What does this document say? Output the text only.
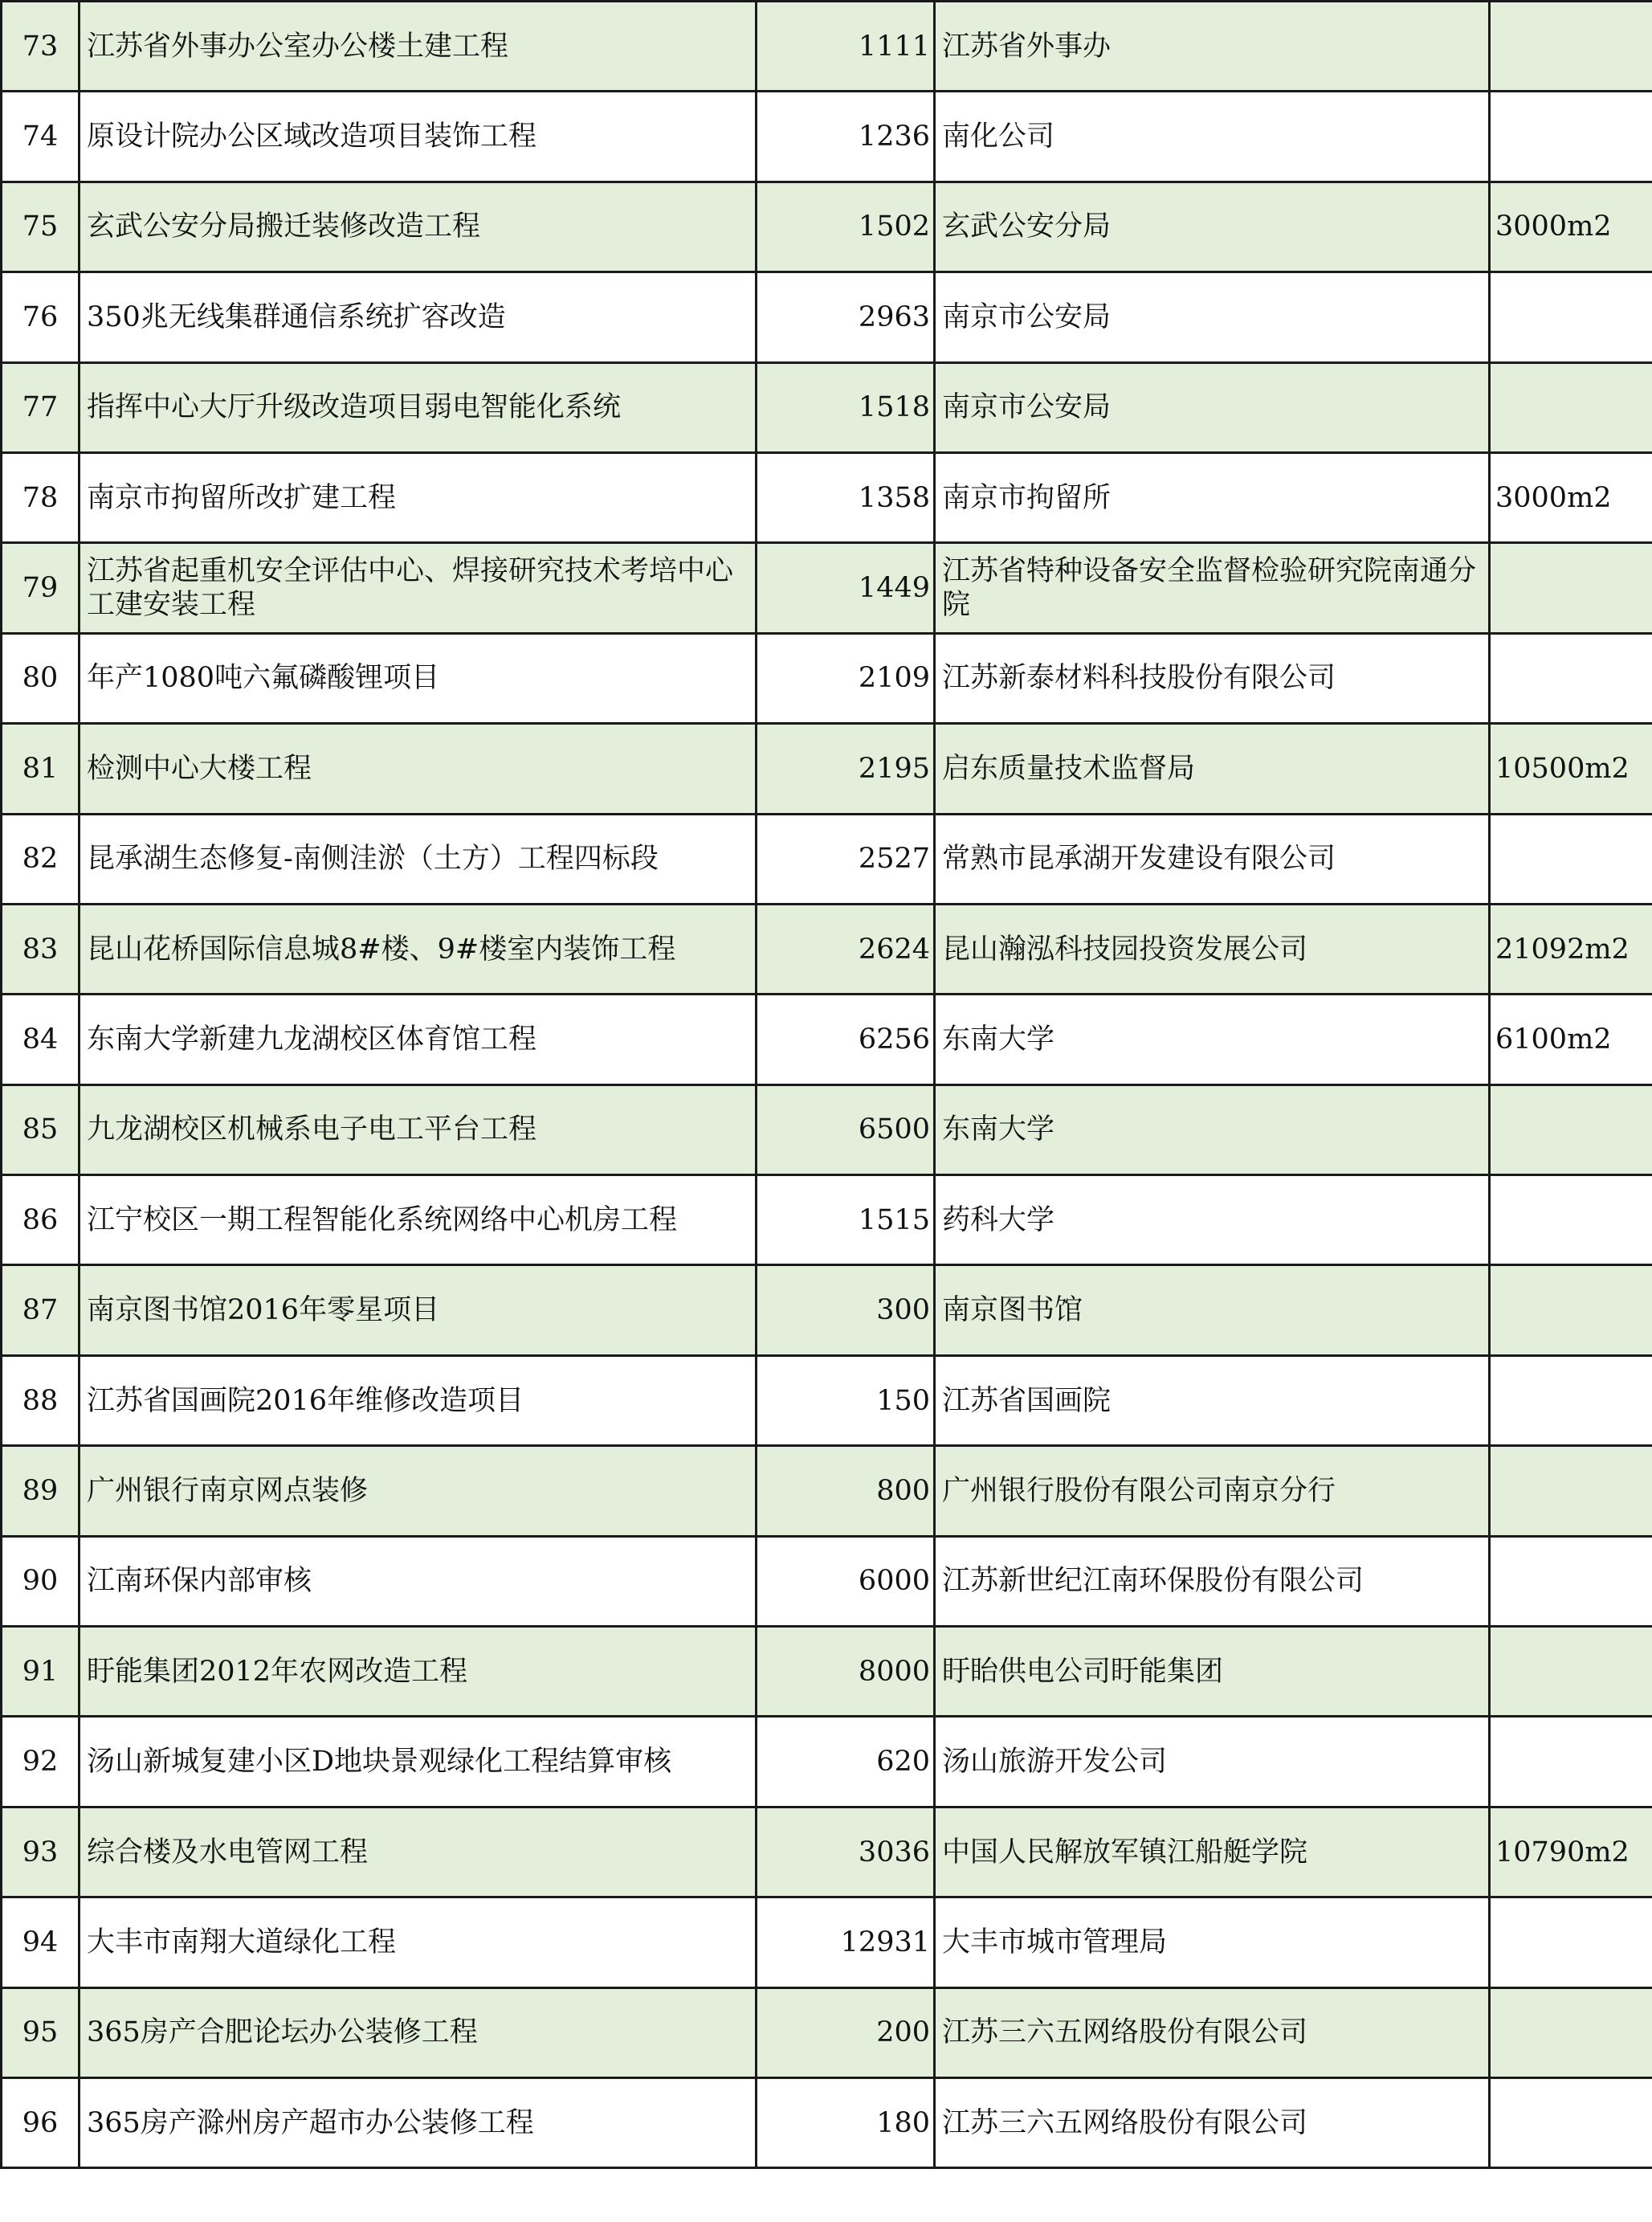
73	江苏省外事办公室办公楼土建工程	1111	江苏省外事办	
74	原设计院办公区域改造项目装饰工程	1236	南化公司	
75	玄武公安分局搬迁装修改造工程	1502	玄武公安分局	3000m2
76	350兆无线集群通信系统扩容改造	2963	南京市公安局	
77	指挥中心大厅升级改造项目弱电智能化系统	1518	南京市公安局	
78	南京市拘留所改扩建工程	1358	南京市拘留所	3000m2
79	江苏省起重机安全评估中心、焊接研究技术考培中心工建安装工程	1449	江苏省特种设备安全监督检验研究院南通分院	
80	年产1080吨六氟磷酸锂项目	2109	江苏新泰材料科技股份有限公司	
81	检测中心大楼工程	2195	启东质量技术监督局	10500m2
82	昆承湖生态修复-南侧洼淤（土方）工程四标段	2527	常熟市昆承湖开发建设有限公司	
83	昆山花桥国际信息城8#楼、9#楼室内装饰工程	2624	昆山瀚泓科技园投资发展公司	21092m2
84	东南大学新建九龙湖校区体育馆工程	6256	东南大学	6100m2
85	九龙湖校区机械系电子电工平台工程	6500	东南大学	
86	江宁校区一期工程智能化系统网络中心机房工程	1515	药科大学	
87	南京图书馆2016年零星项目	300	南京图书馆	
88	江苏省国画院2016年维修改造项目	150	江苏省国画院	
89	广州银行南京网点装修	800	广州银行股份有限公司南京分行	
90	江南环保内部审核	6000	江苏新世纪江南环保股份有限公司	
91	盱能集团2012年农网改造工程	8000	盱眙供电公司盱能集团	
92	汤山新城复建小区D地块景观绿化工程结算审核	620	汤山旅游开发公司	
93	综合楼及水电管网工程	3036	中国人民解放军镇江船艇学院	10790m2
94	大丰市南翔大道绿化工程	12931	大丰市城市管理局	
95	365房产合肥论坛办公装修工程	200	江苏三六五网络股份有限公司	
96	365房产滁州房产超市办公装修工程	180	江苏三六五网络股份有限公司	
